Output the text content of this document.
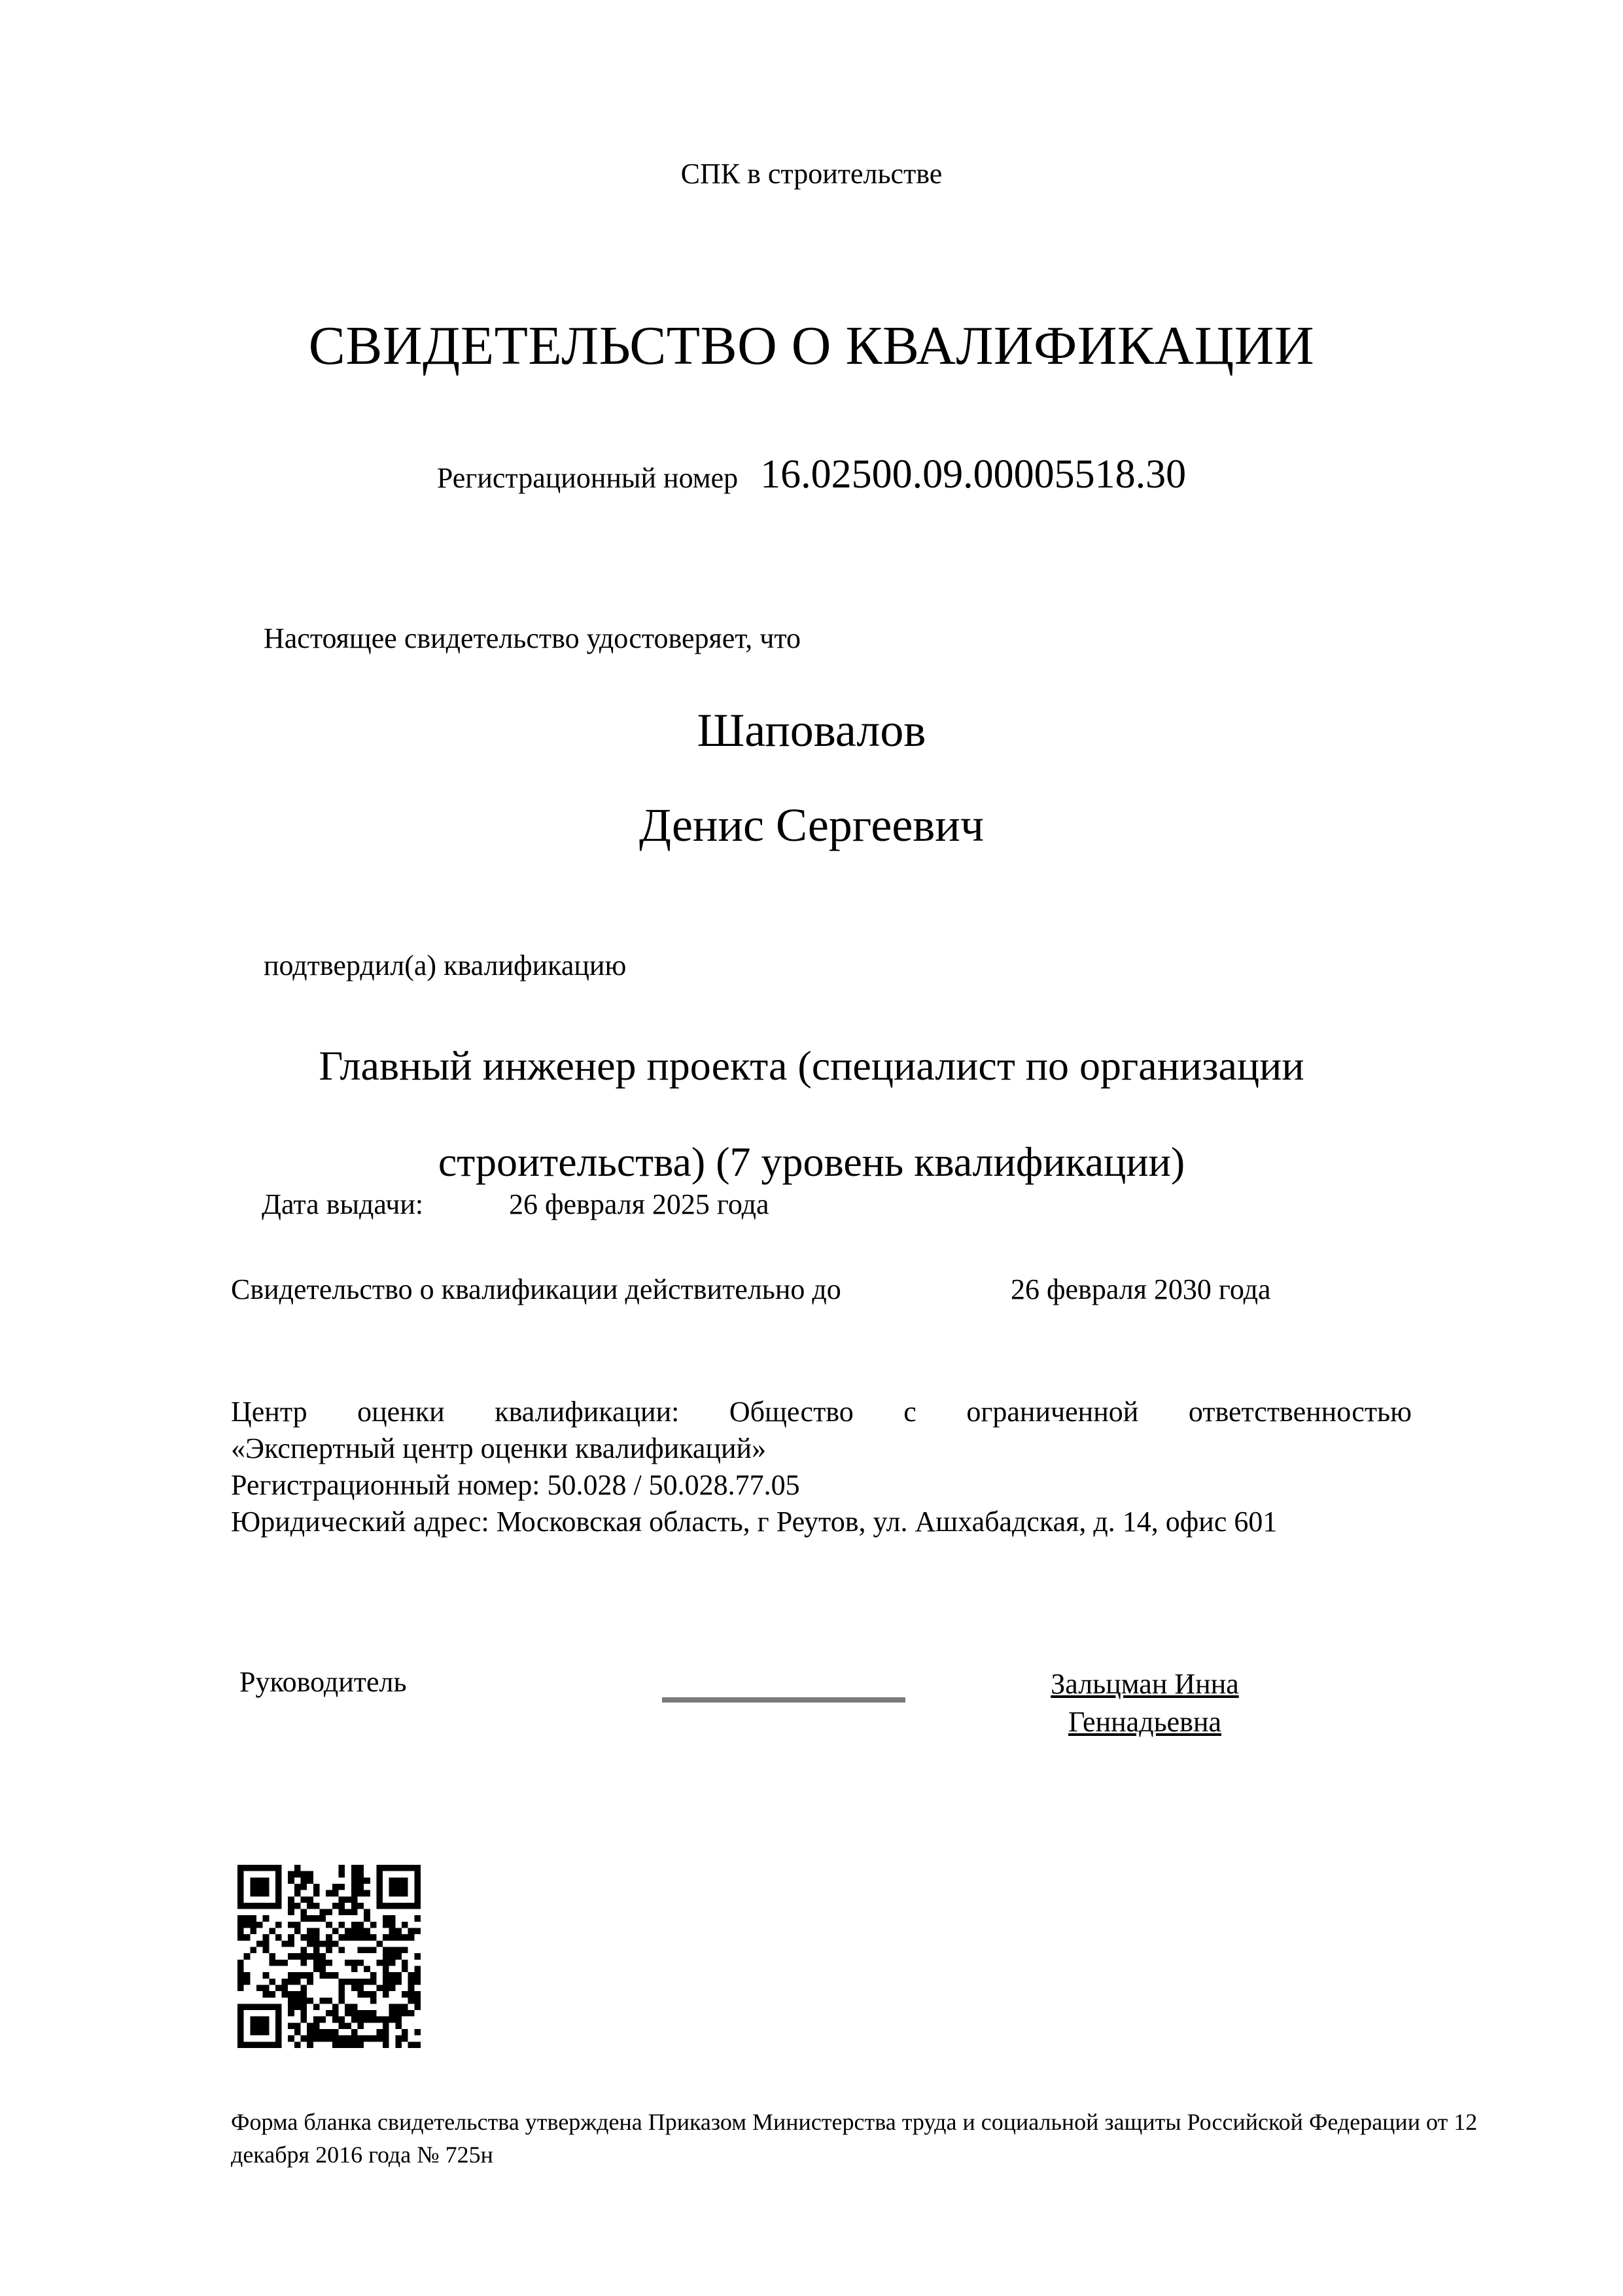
СПК в строительстве
СВИДЕТЕЛЬСТВО О КВАЛИФИКАЦИИ
Регистрационный номер 16.02500.09.00005518.30
Настоящее свидетельство удостоверяет, что
Шаповалов
Денис Сергеевич
подтвердил(а) квалификацию
Главный инженер проекта (специалист по организации строительства) (7 уровень квалификации)
Дата выдачи:	26 февраля 2025 года
Свидетельство о квалификации действительно до	26 февраля 2030 года
Центр оценки квалификации: Общество с ограниченной ответственностью
«Экспертный центр оценки квалификаций»
Регистрационный номер: 50.028 / 50.028.77.05
Юридический адрес: Московская область, г Реутов, ул. Ашхабадская, д. 14, офис 601
Руководитель	Зальцман Инна Геннадьевна
Форма бланка свидетельства утверждена Приказом Министерства труда и социальной защиты Российской Федерации от 12 декабря 2016 года № 725н
